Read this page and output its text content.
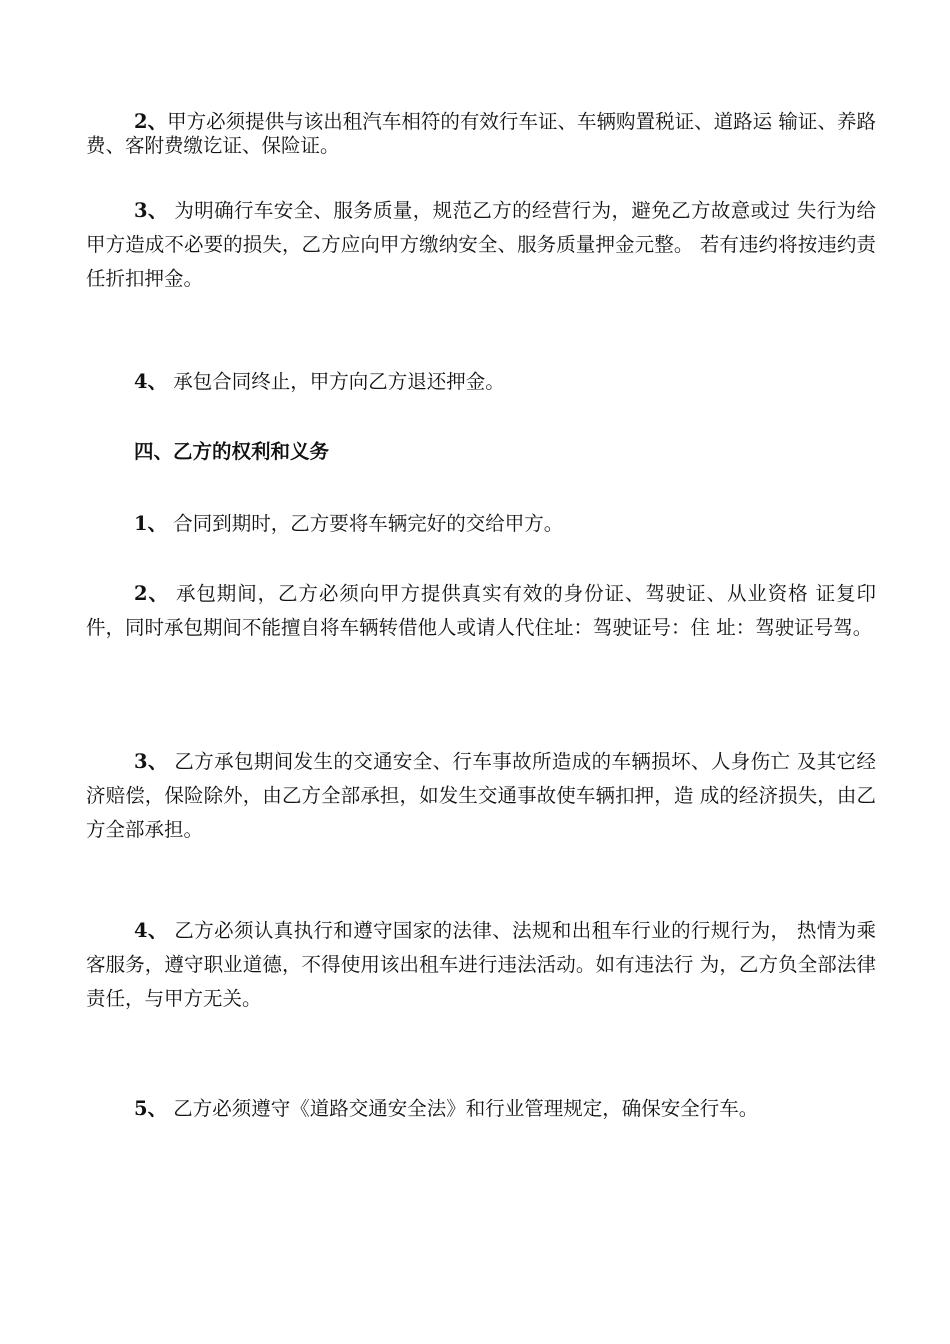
2、甲方必须提供与该出租汽车相符的有效行车证、车辆购置税证、道路运 输证、养路费、客附费缴讫证、保险证。

3、 为明确行车安全、服务质量，规范乙方的经营行为，避免乙方故意或过 失行为给甲方造成不必要的损失，乙方应向甲方缴纳安全、服务质量押金元整。 若有违约将按违约责任折扣押金。

4、 承包合同终止，甲方向乙方退还押金。

四、乙方的权利和义务

1、 合同到期时，乙方要将车辆完好的交给甲方。

2、 承包期间，乙方必须向甲方提供真实有效的身份证、驾驶证、从业资格 证复印件，同时承包期间不能擅自将车辆转借他人或请人代住址：驾驶证号：住 址：驾驶证号驾。

3、 乙方承包期间发生的交通安全、行车事故所造成的车辆损坏、人身伤亡 及其它经济赔偿，保险除外，由乙方全部承担，如发生交通事故使车辆扣押，造 成的经济损失，由乙方全部承担。

4、 乙方必须认真执行和遵守国家的法律、法规和出租车行业的行规行为， 热情为乘客服务，遵守职业道德，不得使用该出租车进行违法活动。如有违法行 为，乙方负全部法律责任，与甲方无关。

5、 乙方必须遵守《道路交通安全法》和行业管理规定，确保安全行车。
